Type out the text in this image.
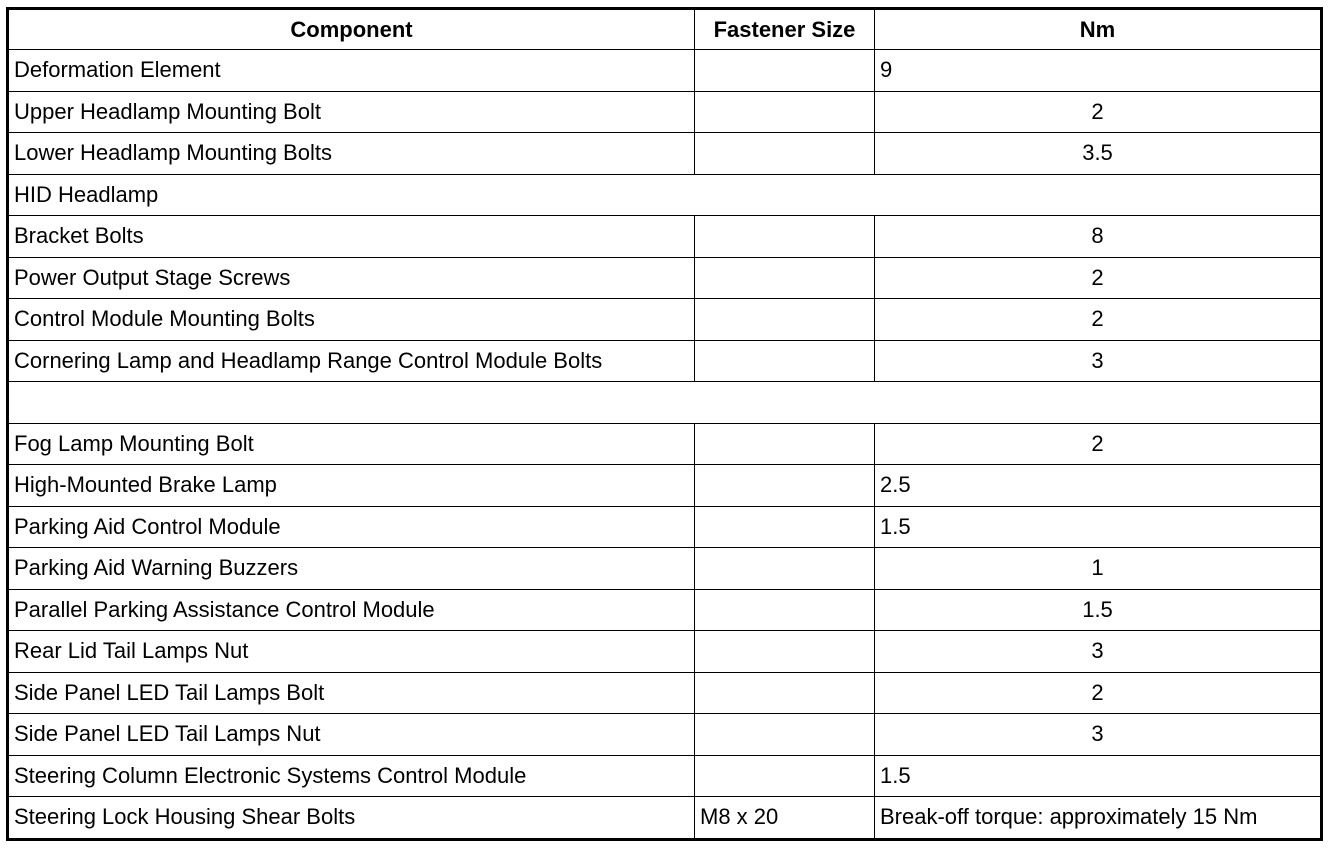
Component	Fastener Size	Nm
Deformation Element		9
Upper Headlamp Mounting Bolt		2
Lower Headlamp Mounting Bolts		3.5
HID Headlamp		
Bracket Bolts		8
Power Output Stage Screws		2
Control Module Mounting Bolts		2
Cornering Lamp and Headlamp Range Control Module Bolts		3

Fog Lamp Mounting Bolt		2
High-Mounted Brake Lamp		2.5
Parking Aid Control Module		1.5
Parking Aid Warning Buzzers		1
Parallel Parking Assistance Control Module		1.5
Rear Lid Tail Lamps Nut		3
Side Panel LED Tail Lamps Bolt		2
Side Panel LED Tail Lamps Nut		3
Steering Column Electronic Systems Control Module		1.5
Steering Lock Housing Shear Bolts	M8 x 20	Break-off torque: approximately 15 Nm
